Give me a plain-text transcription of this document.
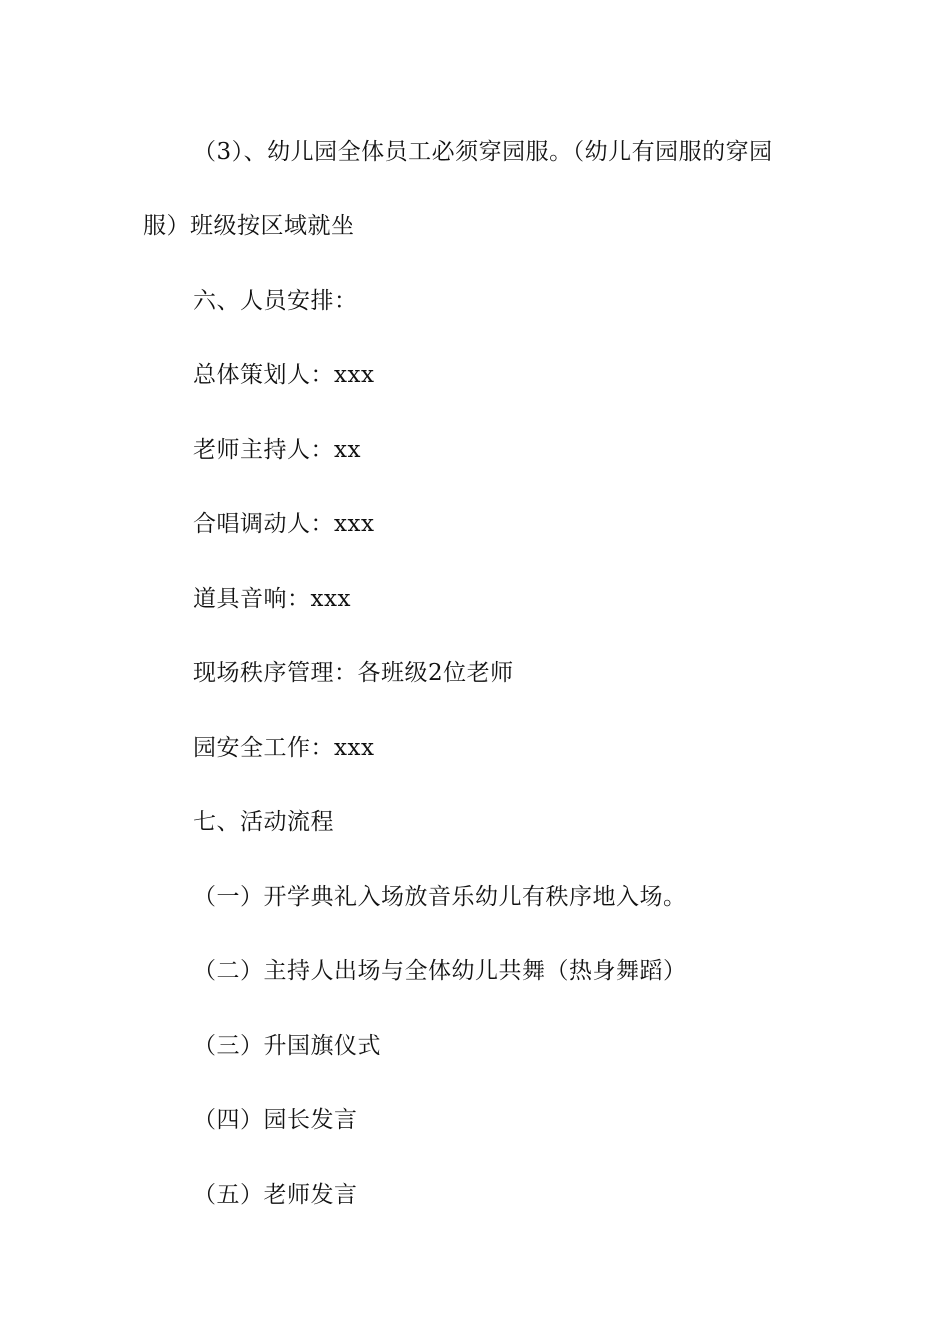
（3）、幼儿园全体员工必须穿园服。（幼儿有园服的穿园
服）班级按区域就坐
六、人员安排：
总体策划人：xxx
老师主持人：xx
合唱调动人：xxx
道具音响：xxx
现场秩序管理：各班级2位老师
园安全工作：xxx
七、活动流程
（一）开学典礼入场放音乐幼儿有秩序地入场。
（二）主持人出场与全体幼儿共舞（热身舞蹈）
（三）升国旗仪式
（四）园长发言
（五）老师发言
